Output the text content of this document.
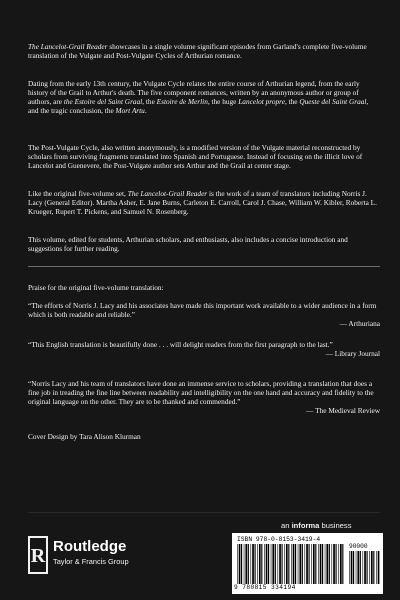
The Lancelot-Grail Reader showcases in a single volume significant episodes from Garland's complete five-volume translation of the Vulgate and Post-Vulgate Cycles of Arthurian romance.

Dating from the early 13th century, the Vulgate Cycle relates the entire course of Arthurian legend, from the early history of the Grail to Arthur's death. The five component romances, written by an anonymous author or group of authors, are the Estoire del Saint Graal, the Estoire de Merlin, the huge Lancelot propre, the Queste del Saint Graal, and the tragic conclusion, the Mort Artu.

The Post-Vulgate Cycle, also written anonymously, is a modified version of the Vulgate material reconstructed by scholars from surviving fragments translated into Spanish and Portuguese. Instead of focusing on the illicit love of Lancelot and Guenevere, the Post-Vulgate author sets Arthur and the Grail at center stage.

Like the original five-volume set, The Lancelot-Grail Reader is the work of a team of translators including Norris J. Lacy (General Editor). Martha Asher, E. Jane Burns, Carleton E. Carroll, Carol J. Chase, William W. Kibler, Roberta L. Krueger, Rupert T. Pickens, and Samuel N. Rosenberg.

This volume, edited for students, Arthurian scholars, and enthusiasts, also includes a concise introduction and suggestions for further reading.

Praise for the original five-volume translation:

“The efforts of Norris J. Lacy and his associates have made this important work available to a wider audience in a form which is both readable and reliable.”

— Arthuriana

“This English translation is beautifully done . . . will delight readers from the first paragraph to the last.”

— Library Journal

“Norris Lacy and his team of translators have done an immense service to scholars, providing a translation that does a fine job in treading the fine line between readability and intelligibility on the one hand and accuracy and fidelity to the original language on the other. They are to be thanked and commended.”

— The Medieval Review

Cover Design by Tara Alison Klurman

an informa business
R Routledge
Taylor & Francis Group
ISBN 978-0-8153-3419-4
90000
9 780815 334194
